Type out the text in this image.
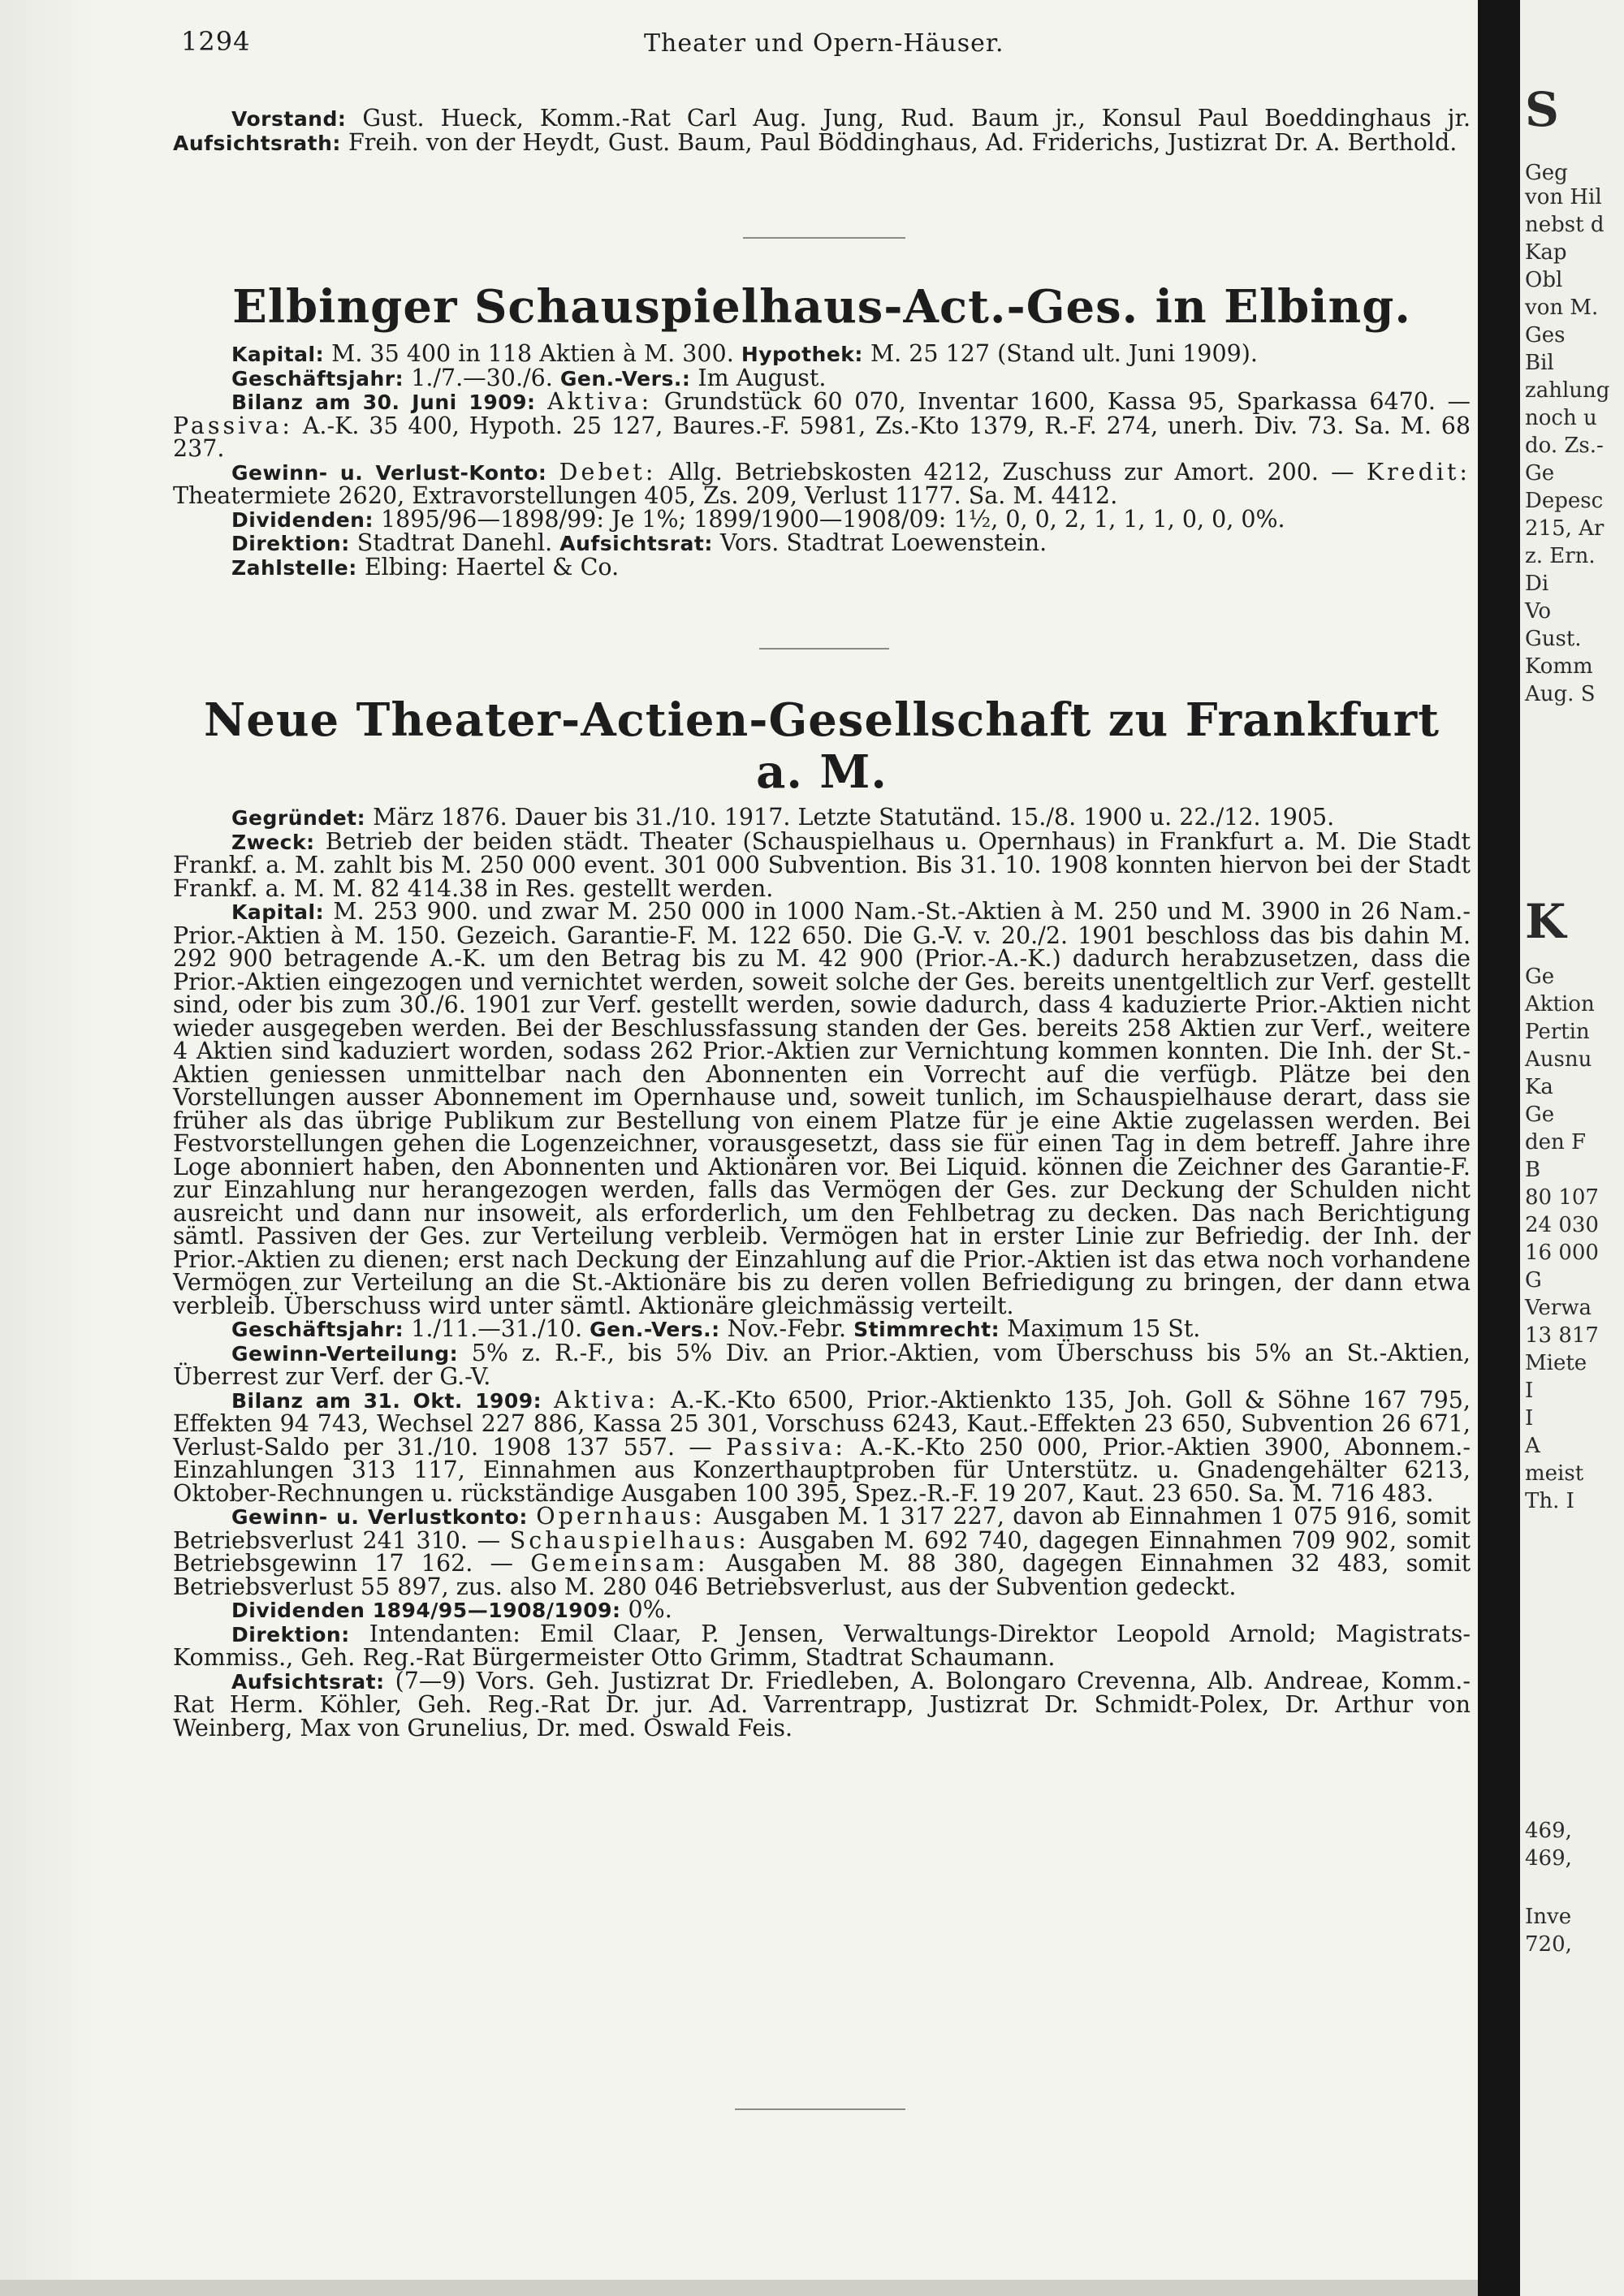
1294	Theater und Opern-Häuser.

Vorstand: Gust. Hueck, Komm.-Rat Carl Aug. Jung, Rud. Baum jr., Konsul Paul Boeddinghaus jr. Aufsichtsrath: Freih. von der Heydt, Gust. Baum, Paul Böddinghaus, Ad. Friderichs, Justizrat Dr. A. Berthold.

Elbinger Schauspielhaus-Act.-Ges. in Elbing.

Kapital: M. 35 400 in 118 Aktien à M. 300. Hypothek: M. 25 127 (Stand ult. Juni 1909).

Geschäftsjahr: 1./7.—30./6. Gen.-Vers.: Im August.

Bilanz am 30. Juni 1909: Aktiva: Grundstück 60 070, Inventar 1600, Kassa 95, Sparkassa 6470. — Passiva: A.-K. 35 400, Hypoth. 25 127, Baures.-F. 5981, Zs.-Kto 1379, R.-F. 274, unerh. Div. 73. Sa. M. 68 237.

Gewinn- u. Verlust-Konto: Debet: Allg. Betriebskosten 4212, Zuschuss zur Amort. 200. — Kredit: Theatermiete 2620, Extravorstellungen 405, Zs. 209, Verlust 1177. Sa. M. 4412.

Dividenden: 1895/96—1898/99: Je 1%; 1899/1900—1908/09: 1½, 0, 0, 2, 1, 1, 1, 0, 0, 0%.

Direktion: Stadtrat Danehl. Aufsichtsrat: Vors. Stadtrat Loewenstein.

Zahlstelle: Elbing: Haertel & Co.

Neue Theater-Actien-Gesellschaft zu Frankfurt a. M.

Gegründet: März 1876. Dauer bis 31./10. 1917. Letzte Statutänd. 15./8. 1900 u. 22./12. 1905.

Zweck: Betrieb der beiden städt. Theater (Schauspielhaus u. Opernhaus) in Frankfurt a. M. Die Stadt Frankf. a. M. zahlt bis M. 250 000 event. 301 000 Subvention. Bis 31. 10. 1908 konnten hiervon bei der Stadt Frankf. a. M. M. 82 414.38 in Res. gestellt werden.

Kapital: M. 253 900. und zwar M. 250 000 in 1000 Nam.-St.-Aktien à M. 250 und M. 3900 in 26 Nam.-Prior.-Aktien à M. 150. Gezeich. Garantie-F. M. 122 650. Die G.-V. v. 20./2. 1901 beschloss das bis dahin M. 292 900 betragende A.-K. um den Betrag bis zu M. 42 900 (Prior.-A.-K.) dadurch herabzusetzen, dass die Prior.-Aktien eingezogen und vernichtet werden, soweit solche der Ges. bereits unentgeltlich zur Verf. gestellt sind, oder bis zum 30./6. 1901 zur Verf. gestellt werden, sowie dadurch, dass 4 kaduzierte Prior.-Aktien nicht wieder ausgegeben werden. Bei der Beschlussfassung standen der Ges. bereits 258 Aktien zur Verf., weitere 4 Aktien sind kaduziert worden, sodass 262 Prior.-Aktien zur Vernichtung kommen konnten. Die Inh. der St.-Aktien geniessen unmittelbar nach den Abonnenten ein Vorrecht auf die verfügb. Plätze bei den Vorstellungen ausser Abonnement im Opernhause und, soweit tunlich, im Schauspielhause derart, dass sie früher als das übrige Publikum zur Bestellung von einem Platze für je eine Aktie zugelassen werden. Bei Festvorstellungen gehen die Logenzeichner, vorausgesetzt, dass sie für einen Tag in dem betreff. Jahre ihre Loge abonniert haben, den Abonnenten und Aktionären vor. Bei Liquid. können die Zeichner des Garantie-F. zur Einzahlung nur herangezogen werden, falls das Vermögen der Ges. zur Deckung der Schulden nicht ausreicht und dann nur insoweit, als erforderlich, um den Fehlbetrag zu decken. Das nach Berichtigung sämtl. Passiven der Ges. zur Verteilung verbleib. Vermögen hat in erster Linie zur Befriedig. der Inh. der Prior.-Aktien zu dienen; erst nach Deckung der Einzahlung auf die Prior.-Aktien ist das etwa noch vorhandene Vermögen zur Verteilung an die St.-Aktionäre bis zu deren vollen Befriedigung zu bringen, der dann etwa verbleib. Überschuss wird unter sämtl. Aktionäre gleichmässig verteilt.

Geschäftsjahr: 1./11.—31./10. Gen.-Vers.: Nov.-Febr. Stimmrecht: Maximum 15 St.

Gewinn-Verteilung: 5% z. R.-F., bis 5% Div. an Prior.-Aktien, vom Überschuss bis 5% an St.-Aktien, Überrest zur Verf. der G.-V.

Bilanz am 31. Okt. 1909: Aktiva: A.-K.-Kto 6500, Prior.-Aktienkto 135, Joh. Goll & Söhne 167 795, Effekten 94 743, Wechsel 227 886, Kassa 25 301, Vorschuss 6243, Kaut.-Effekten 23 650, Subvention 26 671, Verlust-Saldo per 31./10. 1908 137 557. — Passiva: A.-K.-Kto 250 000, Prior.-Aktien 3900, Abonnem.-Einzahlungen 313 117, Einnahmen aus Konzerthauptproben für Unterstütz. u. Gnadengehälter 6213, Oktober-Rechnungen u. rückständige Ausgaben 100 395, Spez.-R.-F. 19 207, Kaut. 23 650. Sa. M. 716 483.

Gewinn- u. Verlustkonto: Opernhaus: Ausgaben M. 1 317 227, davon ab Einnahmen 1 075 916, somit Betriebsverlust 241 310. — Schauspielhaus: Ausgaben M. 692 740, dagegen Einnahmen 709 902, somit Betriebsgewinn 17 162. — Gemeinsam: Ausgaben M. 88 380, dagegen Einnahmen 32 483, somit Betriebsverlust 55 897, zus. also M. 280 046 Betriebsverlust, aus der Subvention gedeckt.

Dividenden 1894/95—1908/1909: 0%.

Direktion: Intendanten: Emil Claar, P. Jensen, Verwaltungs-Direktor Leopold Arnold; Magistrats-Kommiss., Geh. Reg.-Rat Bürgermeister Otto Grimm, Stadtrat Schaumann.

Aufsichtsrat: (7—9) Vors. Geh. Justizrat Dr. Friedleben, A. Bolongaro Crevenna, Alb. Andreae, Komm.-Rat Herm. Köhler, Geh. Reg.-Rat Dr. jur. Ad. Varrentrapp, Justizrat Dr. Schmidt-Polex, Dr. Arthur von Weinberg, Max von Grunelius, Dr. med. Oswald Feis.

S
Geg
von Hil
nebst d
Kap
Obl
von M.
Ges
Bil
zahlung
noch u
do. Zs.-
Ge
Depesc
215, Ar
z. Ern.
Di
Vo
Gust.
Komm
Aug. S
K
Ge
Aktion
Pertin
Ausnu
Ka
Ge
den F
B
80 107
24 030
16 000
G
Verwa
13 817
Miete
I
I
A
meist
Th. I
469,
469,
Inve
720,
